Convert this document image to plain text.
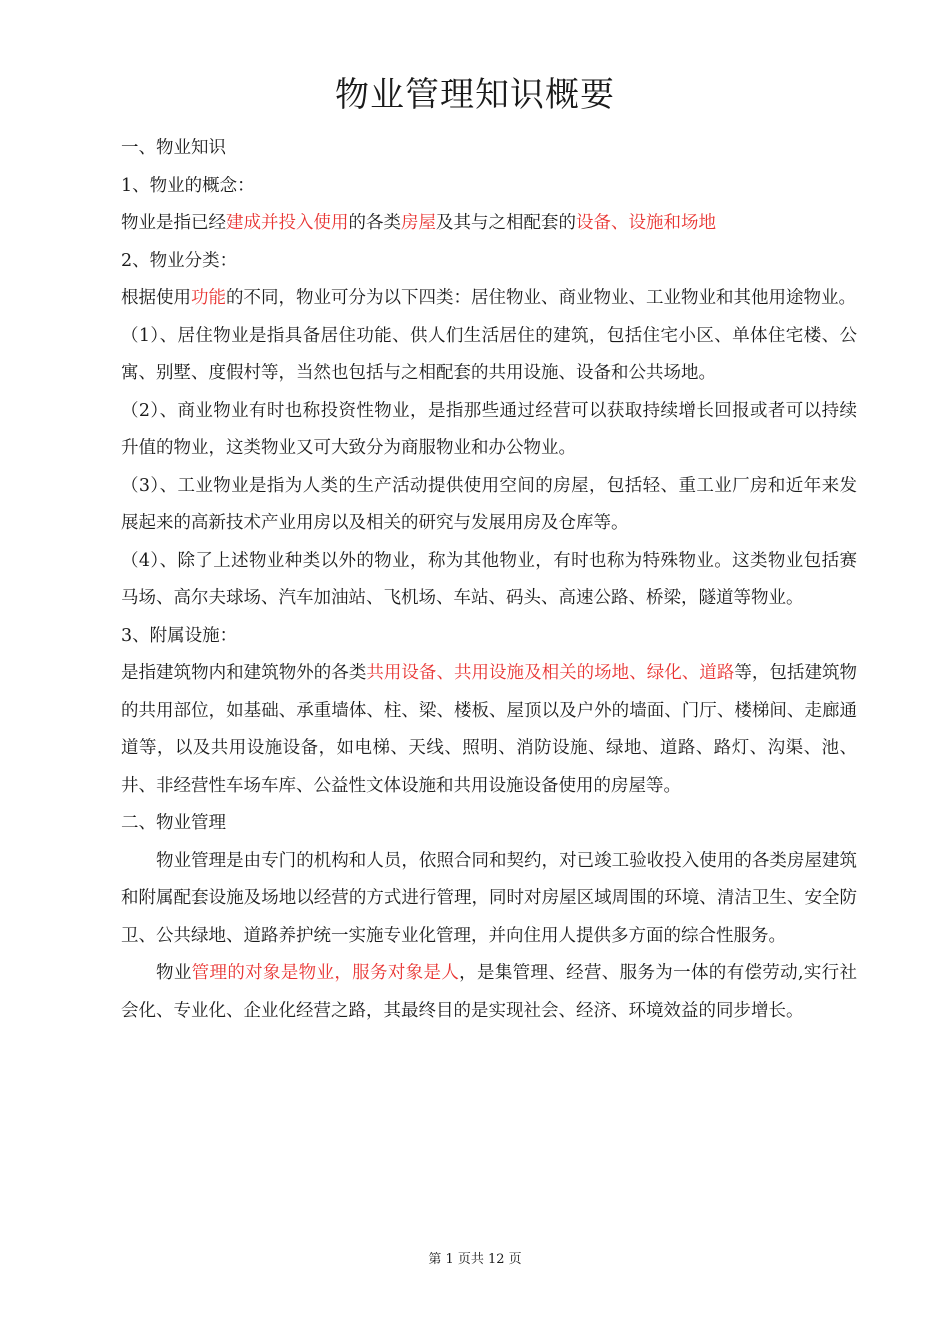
物业管理知识概要

一、物业知识

1、物业的概念：

物业是指已经建成并投入使用的各类房屋及其与之相配套的设备、设施和场地

2、物业分类：

根据使用功能的不同，物业可分为以下四类：居住物业、商业物业、工业物业和其他用途物业。

（1）、居住物业是指具备居住功能、供人们生活居住的建筑，包括住宅小区、单体住宅楼、公寓、别墅、度假村等，当然也包括与之相配套的共用设施、设备和公共场地。

（2）、商业物业有时也称投资性物业，是指那些通过经营可以获取持续增长回报或者可以持续升值的物业，这类物业又可大致分为商服物业和办公物业。

（3）、工业物业是指为人类的生产活动提供使用空间的房屋，包括轻、重工业厂房和近年来发展起来的高新技术产业用房以及相关的研究与发展用房及仓库等。

（4）、除了上述物业种类以外的物业，称为其他物业，有时也称为特殊物业。这类物业包括赛马场、高尔夫球场、汽车加油站、飞机场、车站、码头、高速公路、桥梁，隧道等物业。

3、附属设施：

是指建筑物内和建筑物外的各类共用设备、共用设施及相关的场地、绿化、道路等，包括建筑物的共用部位，如基础、承重墙体、柱、梁、楼板、屋顶以及户外的墙面、门厅、楼梯间、走廊通道等，以及共用设施设备，如电梯、天线、照明、消防设施、绿地、道路、路灯、沟渠、池、井、非经营性车场车库、公益性文体设施和共用设施设备使用的房屋等。

二、物业管理

物业管理是由专门的机构和人员，依照合同和契约，对已竣工验收投入使用的各类房屋建筑和附属配套设施及场地以经营的方式进行管理，同时对房屋区域周围的环境、清洁卫生、安全防卫、公共绿地、道路养护统一实施专业化管理，并向住用人提供多方面的综合性服务。

物业管理的对象是物业，服务对象是人，是集管理、经营、服务为一体的有偿劳动,实行社会化、专业化、企业化经营之路，其最终目的是实现社会、经济、环境效益的同步增长。

第 1 页共 12 页
